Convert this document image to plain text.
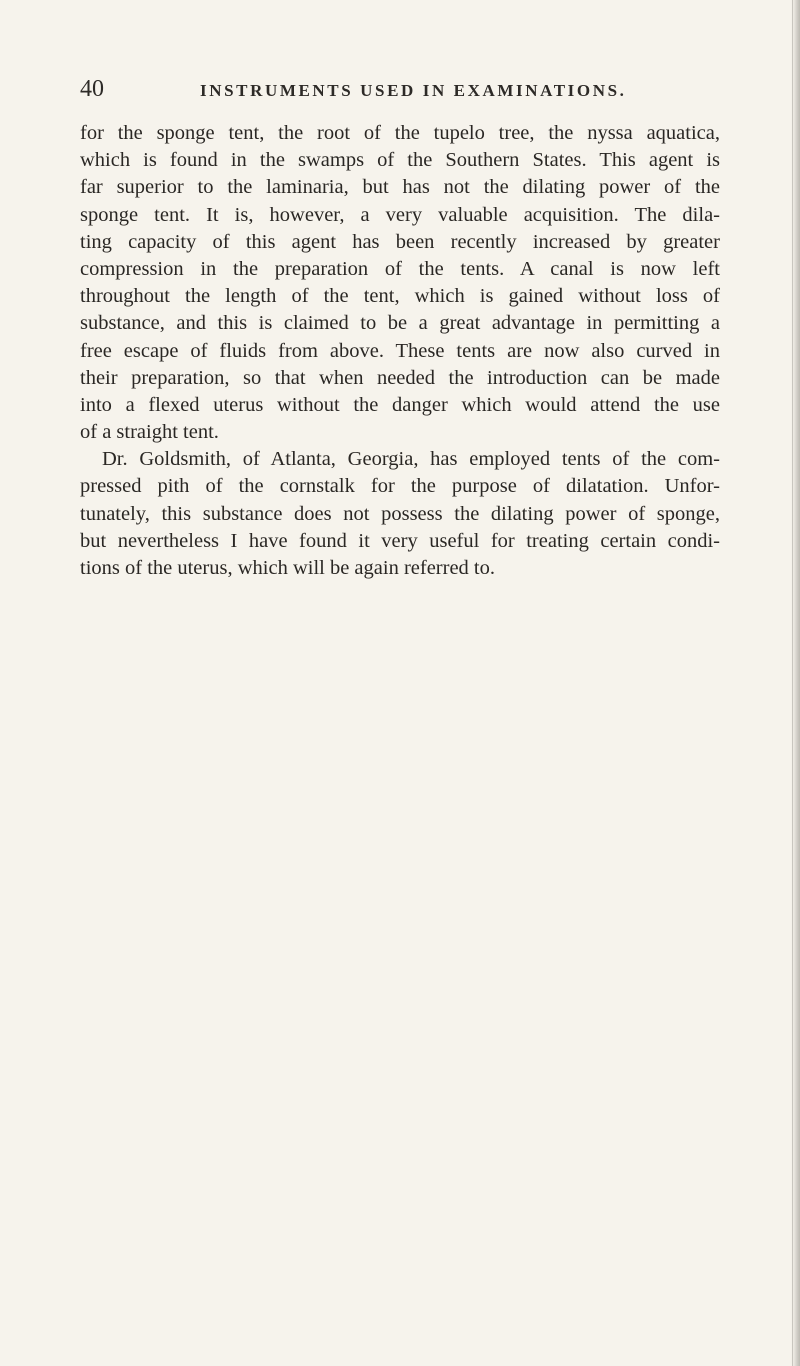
40	INSTRUMENTS USED IN EXAMINATIONS.
for the sponge tent, the root of the tupelo tree, the nyssa aquatica,
which is found in the swamps of the Southern States. This agent is
far superior to the laminaria, but has not the dilating power of the
sponge tent. It is, however, a very valuable acquisition. The dila-
ting capacity of this agent has been recently increased by greater
compression in the preparation of the tents. A canal is now left
throughout the length of the tent, which is gained without loss of
substance, and this is claimed to be a great advantage in permitting a
free escape of fluids from above. These tents are now also curved in
their preparation, so that when needed the introduction can be made
into a flexed uterus without the danger which would attend the use
of a straight tent.
Dr. Goldsmith, of Atlanta, Georgia, has employed tents of the com-
pressed pith of the cornstalk for the purpose of dilatation. Unfor-
tunately, this substance does not possess the dilating power of sponge,
but nevertheless I have found it very useful for treating certain condi-
tions of the uterus, which will be again referred to.
